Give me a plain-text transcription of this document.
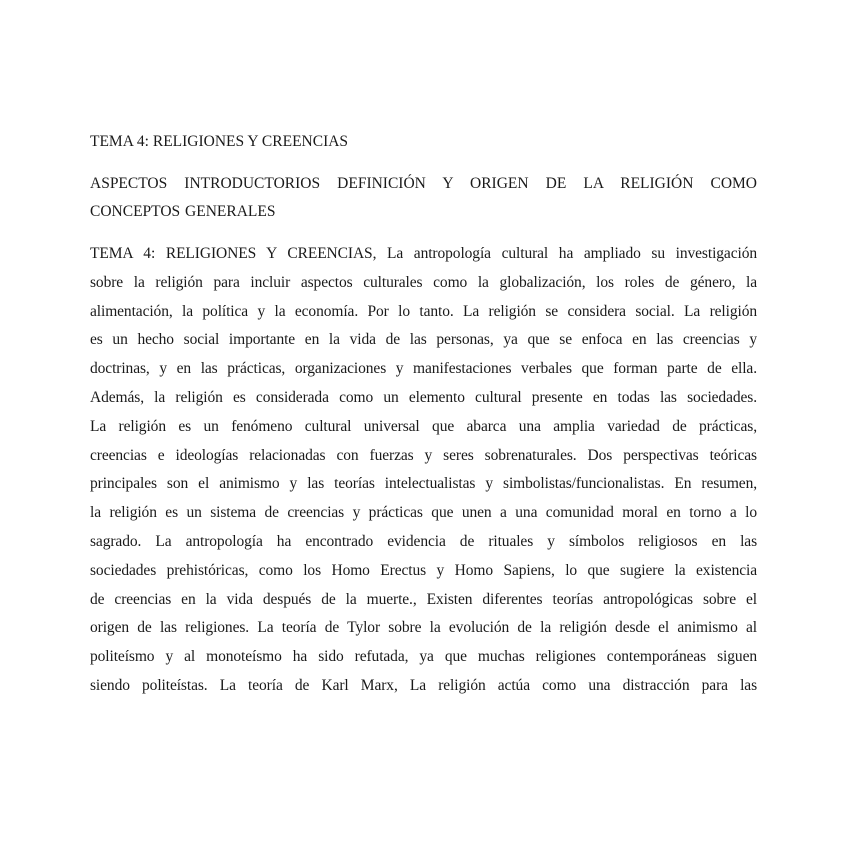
TEMA 4: RELIGIONES Y CREENCIAS
ASPECTOS INTRODUCTORIOS DEFINICIÓN Y ORIGEN DE LA RELIGIÓN COMO
CONCEPTOS GENERALES
TEMA 4: RELIGIONES Y CREENCIAS, La antropología cultural ha ampliado su investigación
sobre la religión para incluir aspectos culturales como la globalización, los roles de género, la
alimentación, la política y la economía. Por lo tanto. La religión se considera social. La religión
es un hecho social importante en la vida de las personas, ya que se enfoca en las creencias y
doctrinas, y en las prácticas, organizaciones y manifestaciones verbales que forman parte de ella.
Además, la religión es considerada como un elemento cultural presente en todas las sociedades.
La religión es un fenómeno cultural universal que abarca una amplia variedad de prácticas,
creencias e ideologías relacionadas con fuerzas y seres sobrenaturales. Dos perspectivas teóricas
principales son el animismo y las teorías intelectualistas y simbolistas/funcionalistas. En resumen,
la religión es un sistema de creencias y prácticas que unen a una comunidad moral en torno a lo
sagrado. La antropología ha encontrado evidencia de rituales y símbolos religiosos en las
sociedades prehistóricas, como los Homo Erectus y Homo Sapiens, lo que sugiere la existencia
de creencias en la vida después de la muerte., Existen diferentes teorías antropológicas sobre el
origen de las religiones. La teoría de Tylor sobre la evolución de la religión desde el animismo al
politeísmo y al monoteísmo ha sido refutada, ya que muchas religiones contemporáneas siguen
siendo politeístas. La teoría de Karl Marx, La religión actúa como una distracción para las
